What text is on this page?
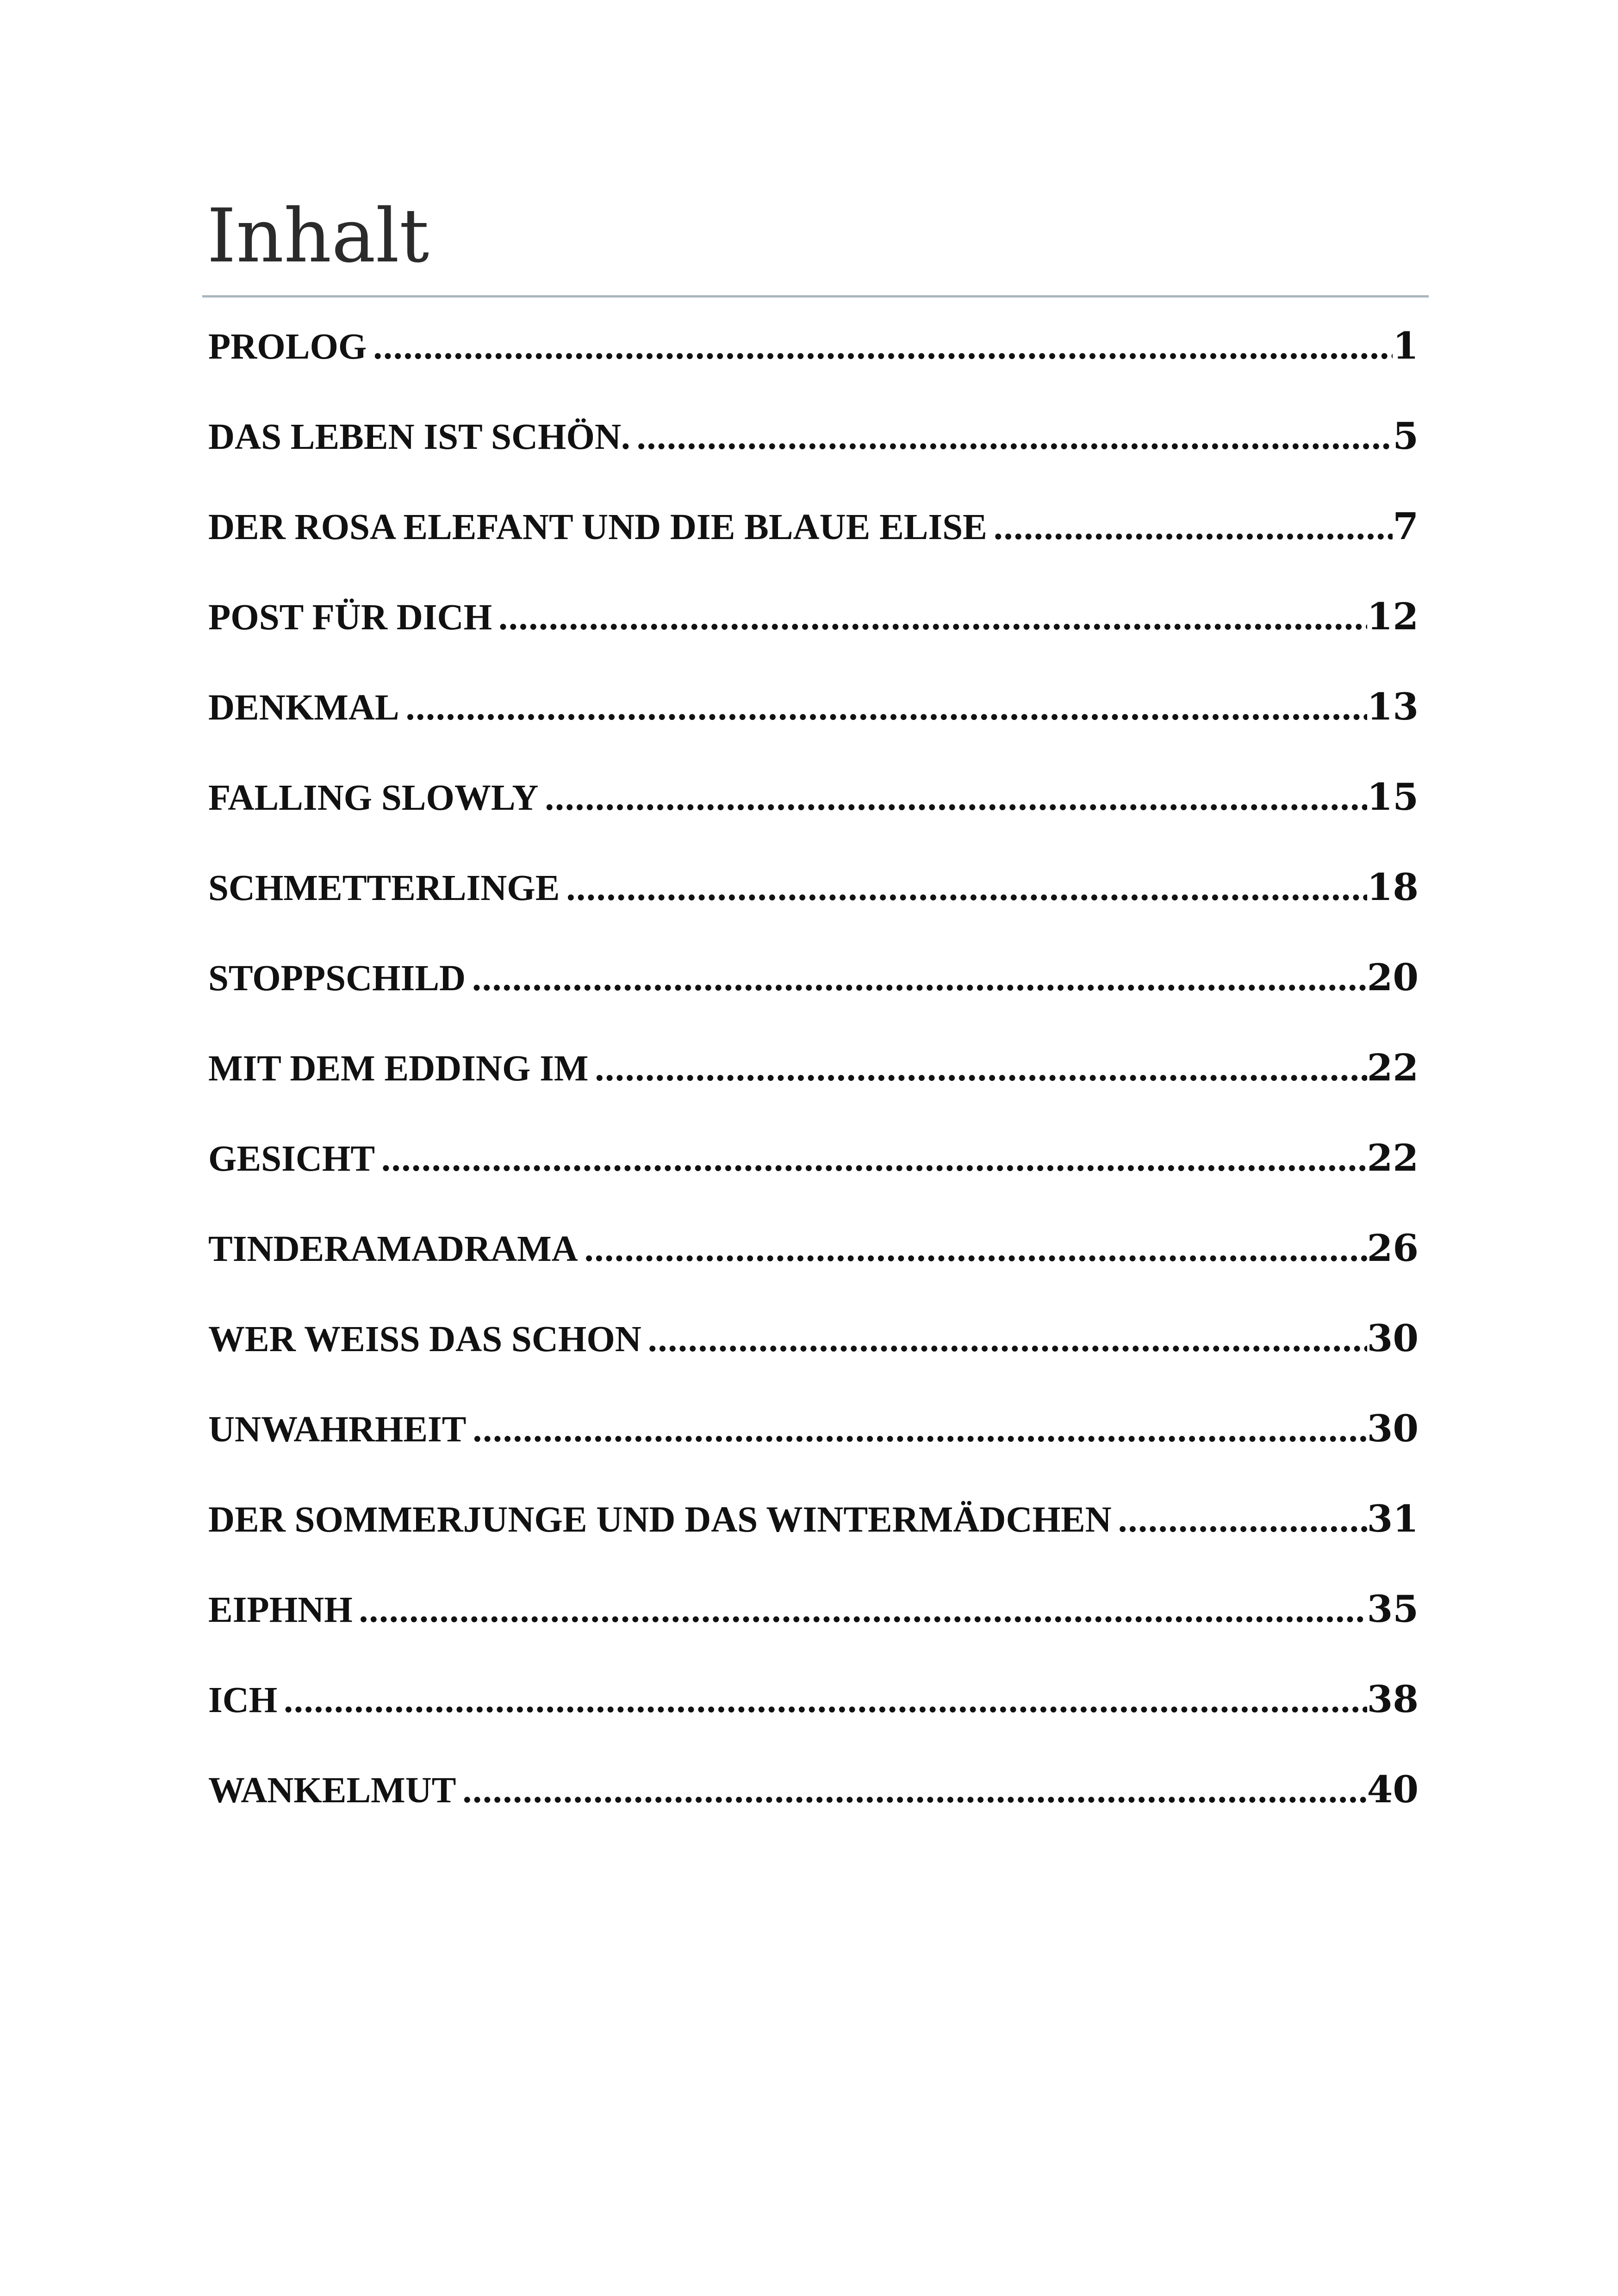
Inhalt
PROLOG .....	1
DAS LEBEN IST SCHÖN. .....	5
DER ROSA ELEFANT UND DIE BLAUE ELISE .....	7
POST FÜR DICH .....	12
DENKMAL .....	13
FALLING SLOWLY .....	15
SCHMETTERLINGE .....	18
STOPPSCHILD .....	20
MIT DEM EDDING IM .....	22
GESICHT .....	22
TINDERAMADRAMA .....	26
WER WEISS DAS SCHON .....	30
UNWAHRHEIT .....	30
DER SOMMERJUNGE UND DAS WINTERMÄDCHEN .....	31
ΕΙΡΗΝΗ .....	35
ICH .....	38
WANKELMUT .....	40
